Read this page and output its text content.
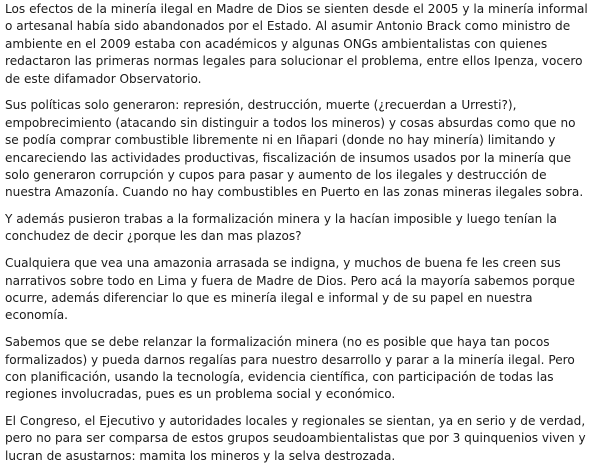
Los efectos de la minería ilegal en Madre de Dios se sienten desde el 2005 y la minería informal o artesanal había sido abandonados por el Estado. Al asumir Antonio Brack como ministro de ambiente en el 2009 estaba con académicos y algunas ONGs ambientalistas con quienes redactaron las primeras normas legales para solucionar el problema, entre ellos Ipenza, vocero de este difamador Observatorio.

Sus políticas solo generaron: represión, destrucción, muerte (¿recuerdan a Urresti?), empobrecimiento (atacando sin distinguir a todos los mineros) y cosas absurdas como que no se podía comprar combustible libremente ni en Iñapari (donde no hay minería) limitando y encareciendo las actividades productivas, fiscalización de insumos usados por la minería que solo generaron corrupción y cupos para pasar y aumento de los ilegales y destrucción de nuestra Amazonía. Cuando no hay combustibles en Puerto en las zonas mineras ilegales sobra.

Y además pusieron trabas a la formalización minera y la hacían imposible y luego tenían la conchudez de decir ¿porque les dan mas plazos?

Cualquiera que vea una amazonia arrasada se indigna, y muchos de buena fe les creen sus narrativos sobre todo en Lima y fuera de Madre de Dios. Pero acá la mayoría sabemos porque ocurre, además diferenciar lo que es minería ilegal e informal y de su papel en nuestra economía.

Sabemos que se debe relanzar la formalización minera (no es posible que haya tan pocos formalizados) y pueda darnos regalías para nuestro desarrollo y parar a la minería ilegal. Pero con planificación, usando la tecnología, evidencia científica, con participación de todas las regiones involucradas, pues es un problema social y económico.

El Congreso, el Ejecutivo y autoridades locales y regionales se sientan, ya en serio y de verdad, pero no para ser comparsa de estos grupos seudoambientalistas que por 3 quinquenios viven y lucran de asustarnos: mamita los mineros y la selva destrozada.
